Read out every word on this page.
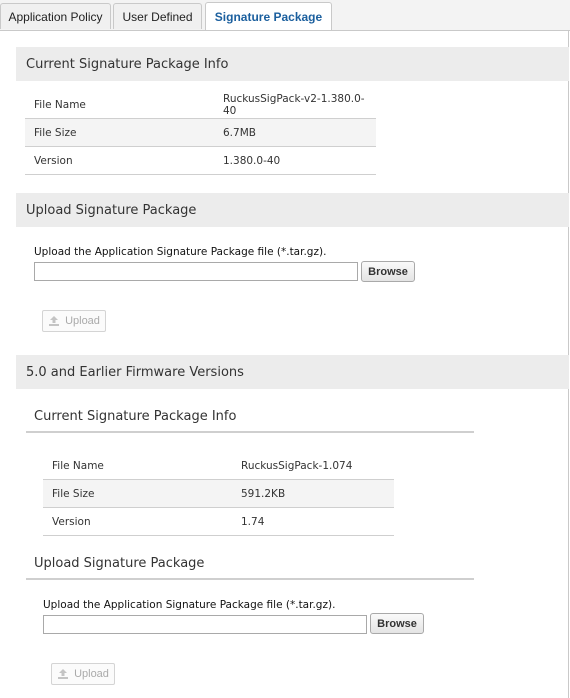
Application Policy	User Defined	Signature Package
Current Signature Package Info
File Name	RuckusSigPack-v2-1.380.0-40
File Size	6.7MB
Version	1.380.0-40
Upload Signature Package
Upload the Application Signature Package file (*.tar.gz).
Browse
Upload
5.0 and Earlier Firmware Versions
Current Signature Package Info
File Name	RuckusSigPack-1.074
File Size	591.2KB
Version	1.74
Upload Signature Package
Upload the Application Signature Package file (*.tar.gz).
Browse
Upload
